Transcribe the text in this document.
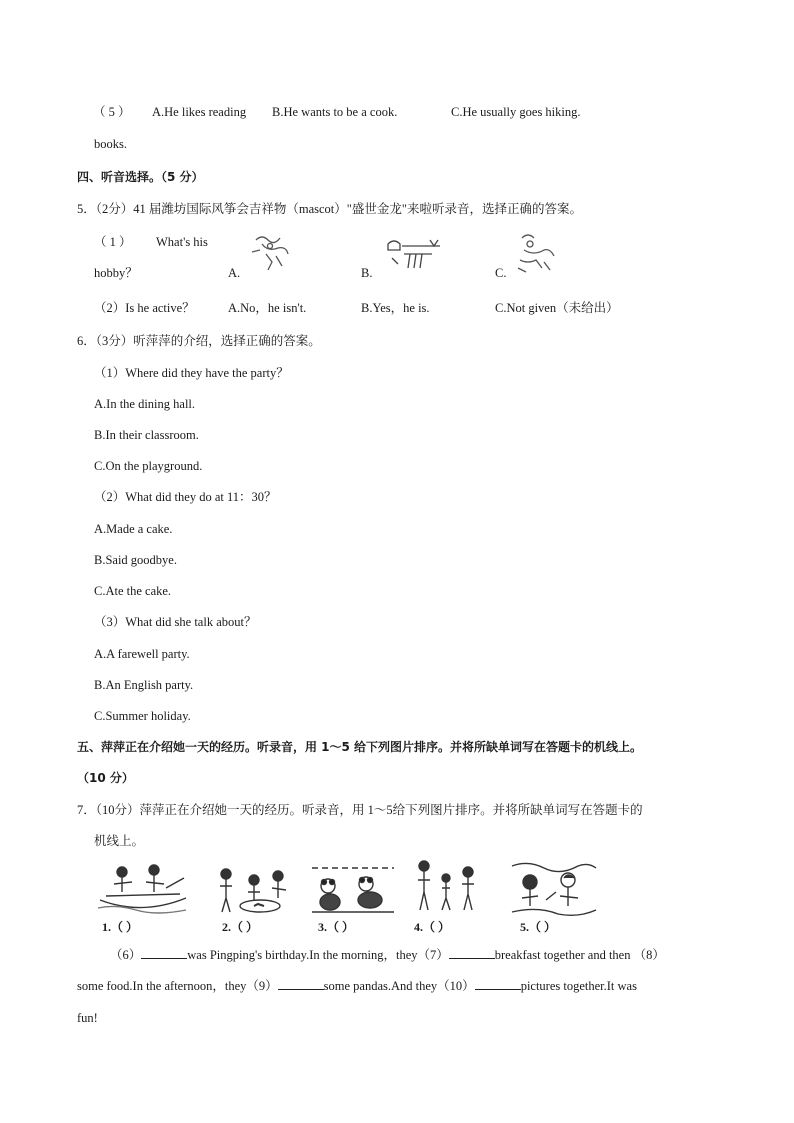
（ 5 ） A.He likes reading B.He wants to be a cook.	C.He usually goes hiking.
books.
四、听音选择。（5 分）
5．（2分）41 届潍坊国际风筝会吉祥物（mascot）"盛世金龙"来啦听录音，选择正确的答案。
（ 1 ） What's his
hobby？	A.	B.	C.
（2）Is he active？	A.No，he isn't.	B.Yes，he is.	C.Not given（未给出）
6．（3分）听萍萍的介绍，选择正确的答案。
（1）Where did they have the party？
A.In the dining hall.
B.In their classroom.
C.On the playground.
（2）What did they do at 11：30？
A.Made a cake.
B.Said goodbye.
C.Ate the cake.
（3）What did she talk about？
A.A farewell party.
B.An English party.
C.Summer holiday.
五、萍萍正在介绍她一天的经历。听录音，用 1～5 给下列图片排序。并将所缺单词写在答题卡的机线上。
（10 分）
7．（10分）萍萍正在介绍她一天的经历。听录音，用 1～5给下列图片排序。并将所缺单词写在答题卡的
机线上。
1.（ ）	2.（ ）	3.（ ）	4.（ ）	5.（ ）
（6）	was Pingping's birthday.In the morning，they（7）	breakfast together and then （8）
some food.In the afternoon，they（9）	some pandas.And they（10）	pictures together.It was
fun!
